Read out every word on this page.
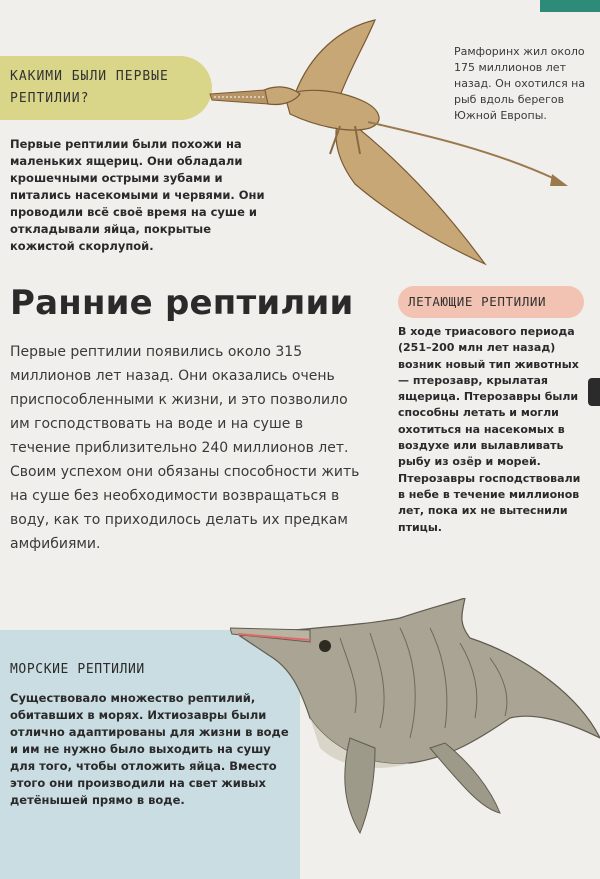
КАКИМИ БЫЛИ ПЕРВЫЕ РЕПТИЛИИ?
Рамфоринх жил около 175 миллионов лет назад. Он охотился на рыб вдоль берегов Южной Европы.
Первые рептилии были похожи на маленьких ящериц. Они обладали крошечными острыми зубами и питались насекомыми и червями. Они проводили всё своё время на суше и откладывали яйца, покрытые кожистой скорлупой.
Ранние рептилии
Первые рептилии появились около 315 миллионов лет назад. Они оказались очень приспособленными к жизни, и это позволило им господствовать на воде и на суше в течение приблизительно 240 миллионов лет. Своим успехом они обязаны способности жить на суше без необходимости возвращаться в воду, как то приходилось делать их предкам амфибиями.
ЛЕТАЮЩИЕ РЕПТИЛИИ
В ходе триасового периода (251–200 млн лет назад) возник новый тип животных — птерозавр, крылатая ящерица. Птерозавры были способны летать и могли охотиться на насекомых в воздухе или вылавливать рыбу из озёр и морей. Птерозавры господствовали в небе в течение миллионов лет, пока их не вытеснили птицы.
МОРСКИЕ РЕПТИЛИИ
Существовало множество рептилий, обитавших в морях. Ихтиозавры были отлично адаптированы для жизни в воде и им не нужно было выходить на сушу для того, чтобы отложить яйца. Вместо этого они производили на свет живых детёнышей прямо в воде.
